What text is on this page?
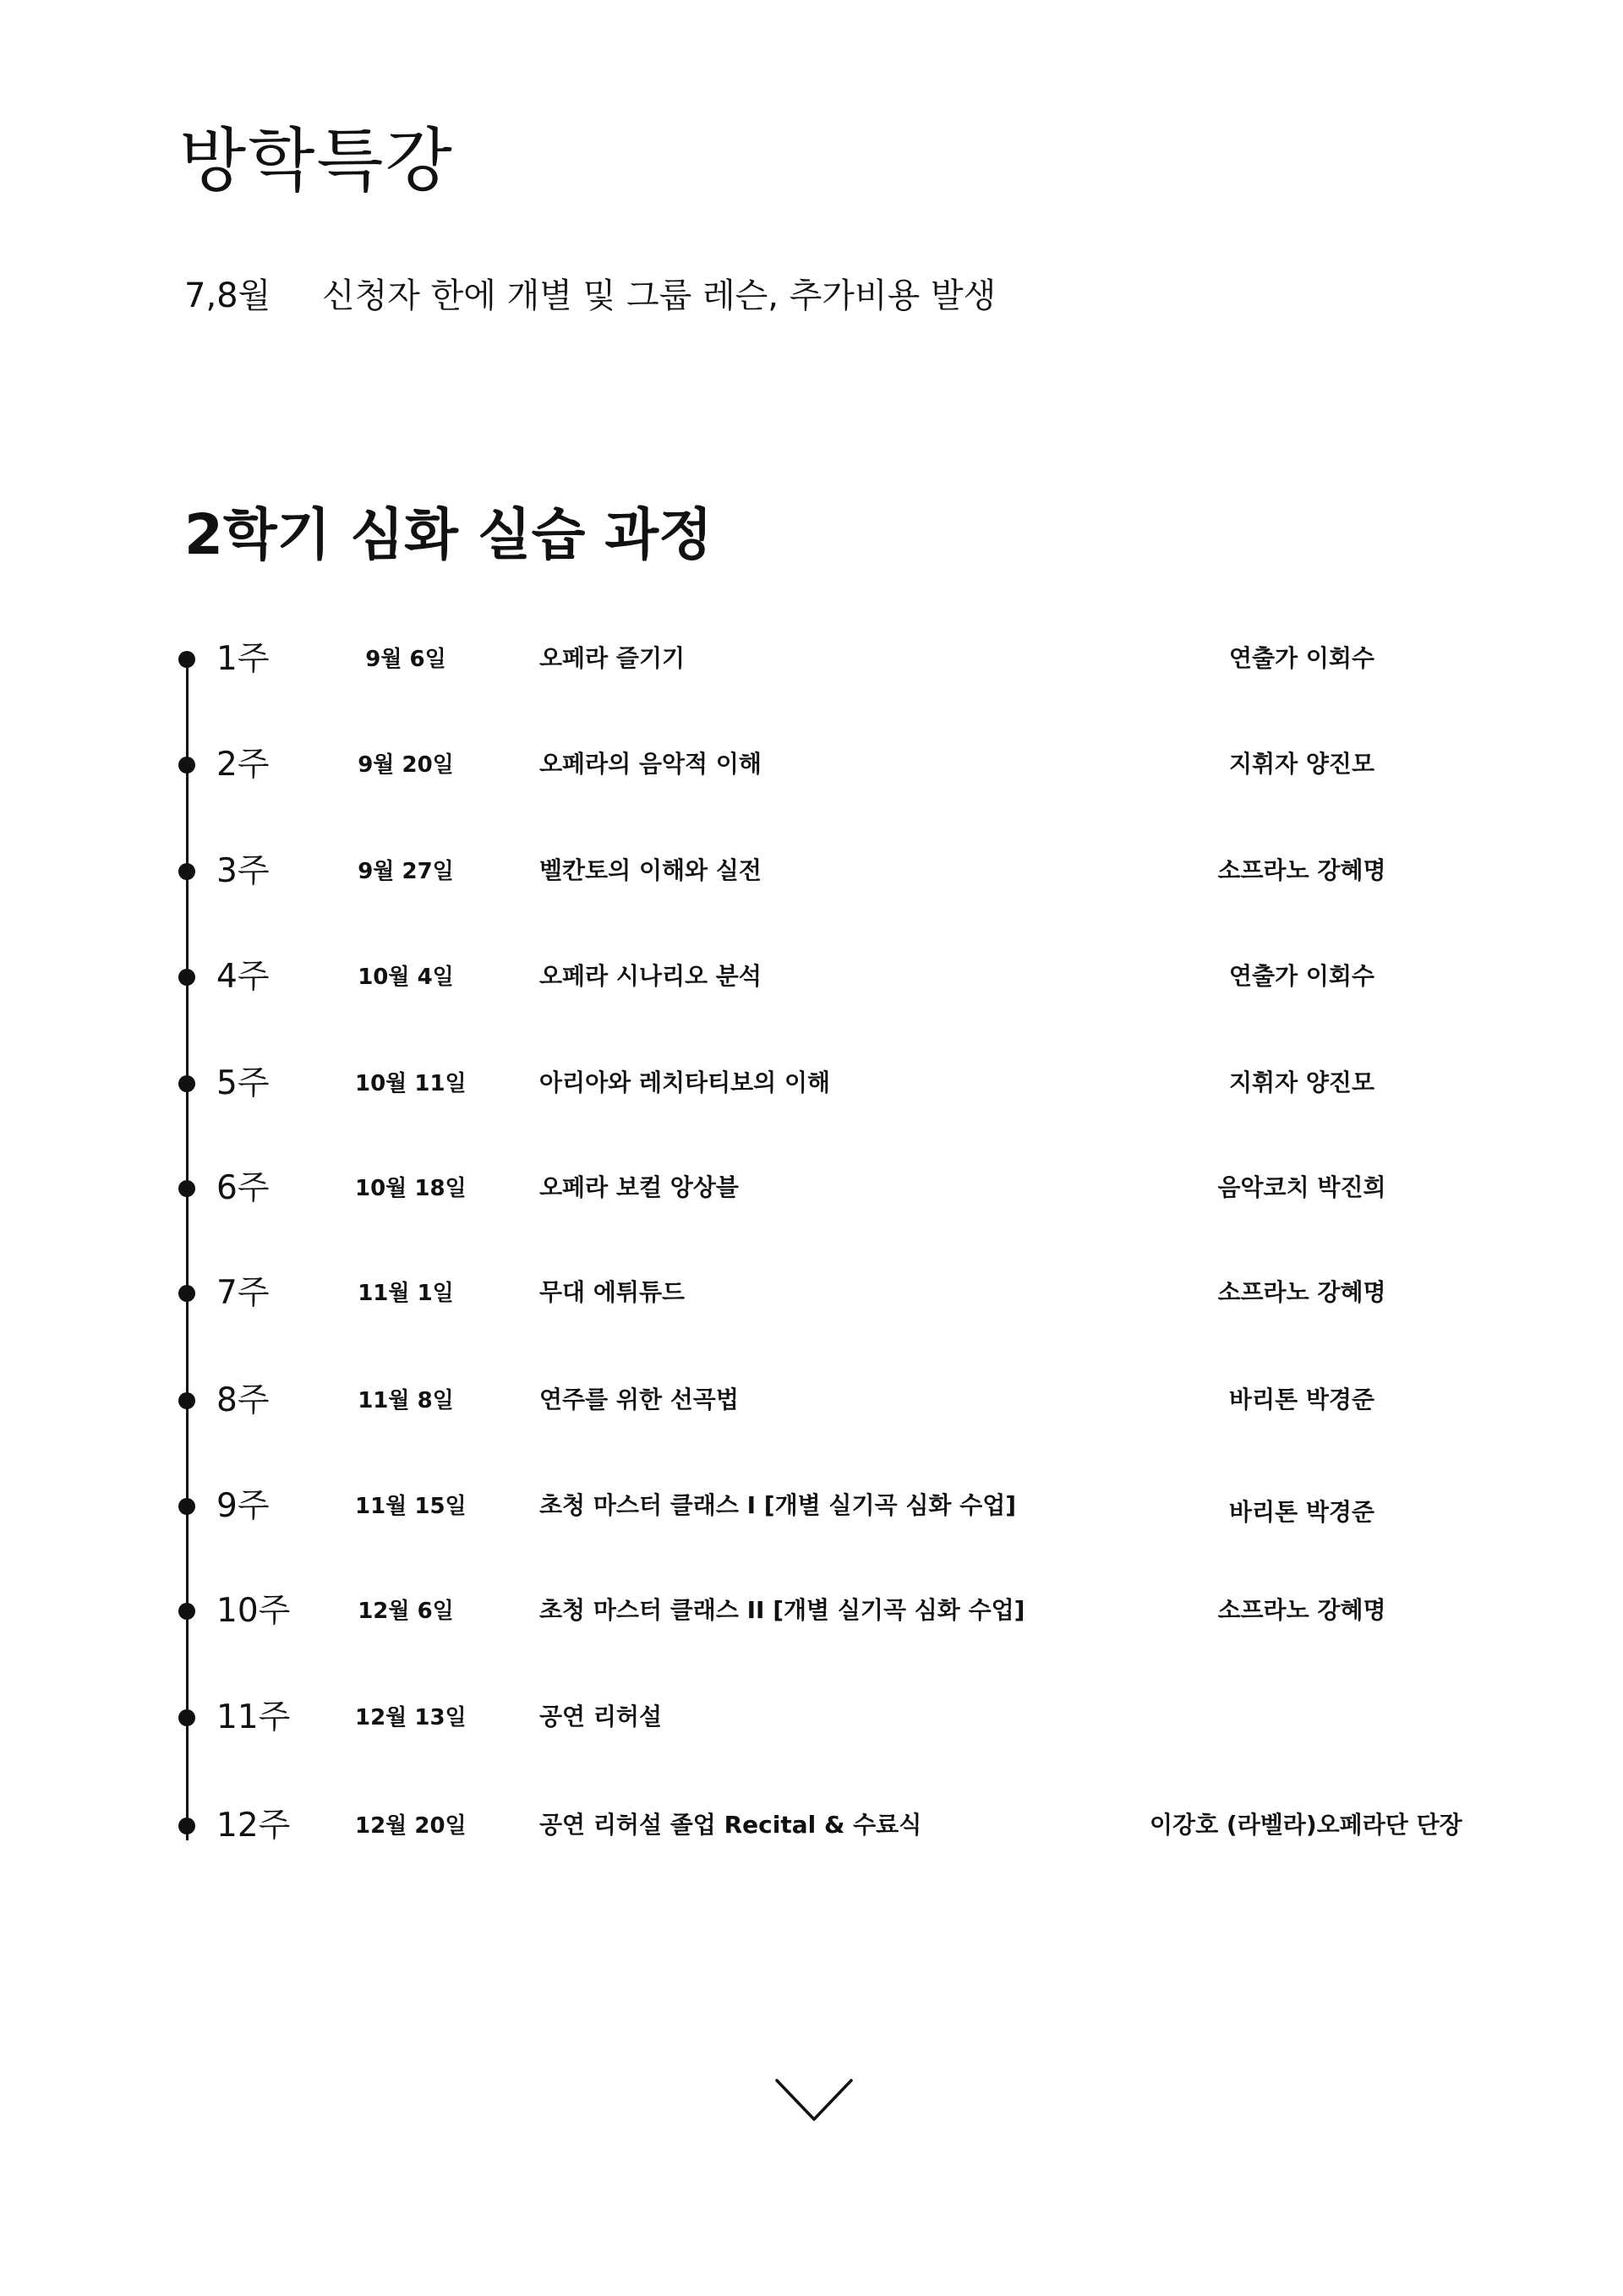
방학특강
7,8월 신청자 한에 개별 및 그룹 레슨, 추가비용 발생
2학기 심화 실습 과정
1주	9월 6일	오페라 즐기기	연출가 이회수
2주	9월 20일	오페라의 음악적 이해	지휘자 양진모
3주	9월 27일	벨칸토의 이해와 실전	소프라노 강혜명
4주	10월 4일	오페라 시나리오 분석	연출가 이회수
5주	10월 11일	아리아와 레치타티보의 이해	지휘자 양진모
6주	10월 18일	오페라 보컬 앙상블	음악코치 박진희
7주	11월 1일	무대 에튀튜드	소프라노 강혜명
8주	11월 8일	연주를 위한 선곡법	바리톤 박경준
9주	11월 15일	초청 마스터 클래스 I [개별 실기곡 심화 수업]	바리톤 박경준
10주	12월 6일	초청 마스터 클래스 II [개별 실기곡 심화 수업]	소프라노 강혜명
11주	12월 13일	공연 리허설
12주	12월 20일	공연 리허설 졸업 Recital & 수료식	이강호 (라벨라)오페라단 단장
